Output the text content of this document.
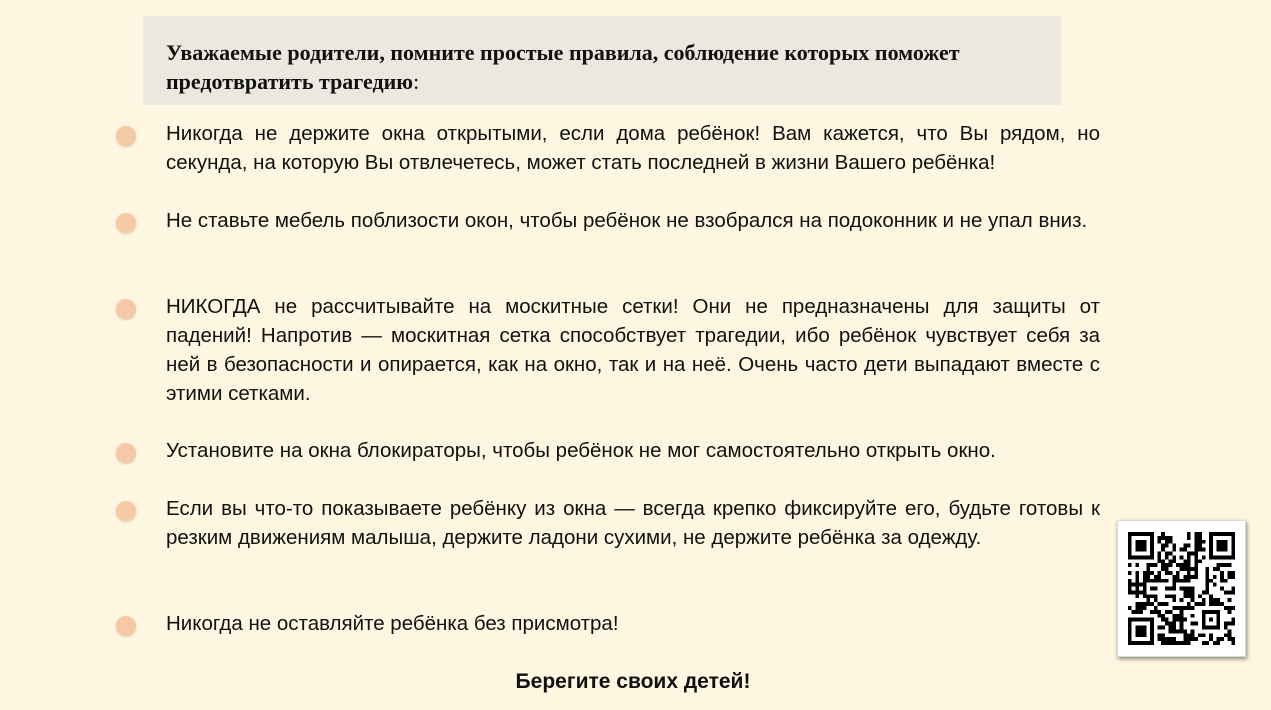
Уважаемые родители, помните простые правила, соблюдение которых поможет предотвратить трагедию:

Никогда не держите окна открытыми, если дома ребёнок! Вам кажется, что Вы рядом, но секунда, на которую Вы отвлечетесь, может стать последней в жизни Вашего ребёнка!

Не ставьте мебель поблизости окон, чтобы ребёнок не взобрался на подоконник и не упал вниз.

НИКОГДА не рассчитывайте на москитные сетки! Они не предназначены для защиты от падений! Напротив — москитная сетка способствует трагедии, ибо ребёнок чувствует себя за ней в безопасности и опирается, как на окно, так и на неё. Очень часто дети выпадают вместе с этими сетками.

Установите на окна блокираторы, чтобы ребёнок не мог самостоятельно открыть окно.

Если вы что-то показываете ребёнку из окна — всегда крепко фиксируйте его, будьте готовы к резким движениям малыша, держите ладони сухими, не держите ребёнка за одежду.

Никогда не оставляйте ребёнка без присмотра!

Берегите своих детей!
